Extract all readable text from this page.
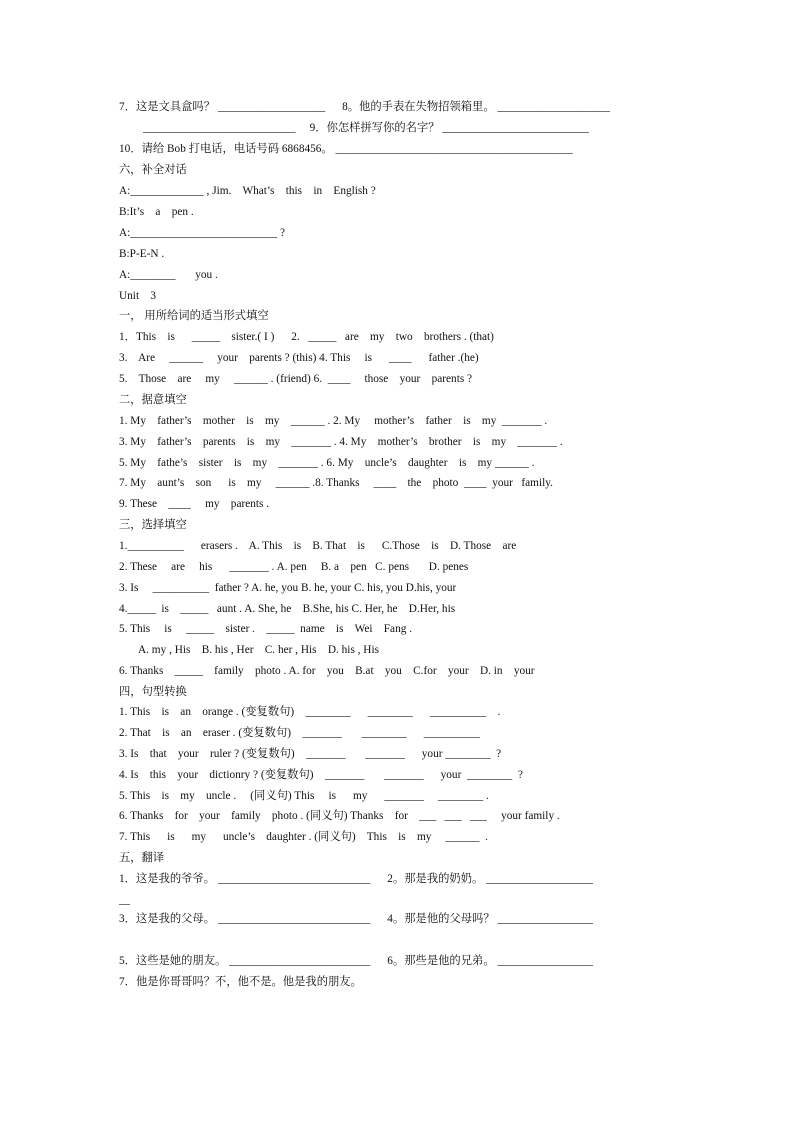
7．这是文具盒吗？ ___________________      8。他的手表在失物招领箱里。 ____________________
___________________________     9．你怎样拼写你的名字？ __________________________
10．请给 Bob 打电话，电话号码 6868456。 __________________________________________
六，补全对话
A:_____________ , Jim.    What’s    this    in    English ?
B:It’s    a    pen .
A:__________________________ ?
B:P-E-N .
A:________       you .
Unit    3
一， 用所给词的适当形式填空
1．This    is      _____    sister.( I )      2.   _____   are    my    two    brothers . (that)
3.    Are     ______     your    parents ? (this) 4. This     is      ____      father .(he)
5.    Those    are     my     ______ . (friend) 6.  ____     those    your    parents ?
二，据意填空
1. My    father’s    mother    is    my    ______ . 2. My     mother’s    father    is    my  _______ .
3. My    father’s    parents    is    my    _______ . 4. My    mother’s    brother    is    my    _______ .
5. My    fathe’s    sister    is    my    _______ . 6. My    uncle’s    daughter    is    my ______ .
7. My    aunt’s    son      is    my     ______ .8. Thanks     ____    the    photo  ____  your   family.
9. These    ____     my    parents .
三，选择填空
1.__________      erasers .    A. This    is    B. That    is      C.Those    is    D. Those    are
2. These     are     his      _______ . A. pen     B. a    pen   C. pens       D. penes
3. Is     __________  father ? A. he, you B. he, your C. his, you D.his, your
4._____  is    _____   aunt . A. She, he    B.She, his C. Her, he    D.Her, his
5. This     is     _____    sister .    _____  name    is    Wei    Fang .
A. my , His    B. his , Her    C. her , His    D. his , His
6. Thanks    _____    family    photo . A. for    you    B.at    you    C.for    your    D. in    your
四，句型转换
1. This    is    an    orange . (变复数句)    ________      ________      __________    .
2. That    is    an    eraser . (变复数句)    _______       ________      __________
3. Is    that    your    ruler ? (变复数句)    _______       _______      your ________  ?
4. Is    this    your    dictionry ? (变复数句)    _______       _______      your  ________  ?
5. This    is    my    uncle .     (同义句) This     is      my      _______     ________ .
6. Thanks    for    your    family    photo . (同义句) Thanks    for    ___   ___   ___     your family .
7. This      is      my      uncle’s    daughter . (同义句)    This    is    my     ______  .
五，翻译
1．这是我的爷爷。 ___________________________      2。那是我的奶奶。 ___________________
__
3．这是我的父母。 ___________________________      4。那是他的父母吗？ _________________
5．这些是她的朋友。 _________________________      6。那些是他的兄弟。 _________________
7．他是你哥哥吗？不，他不是。他是我的朋友。
